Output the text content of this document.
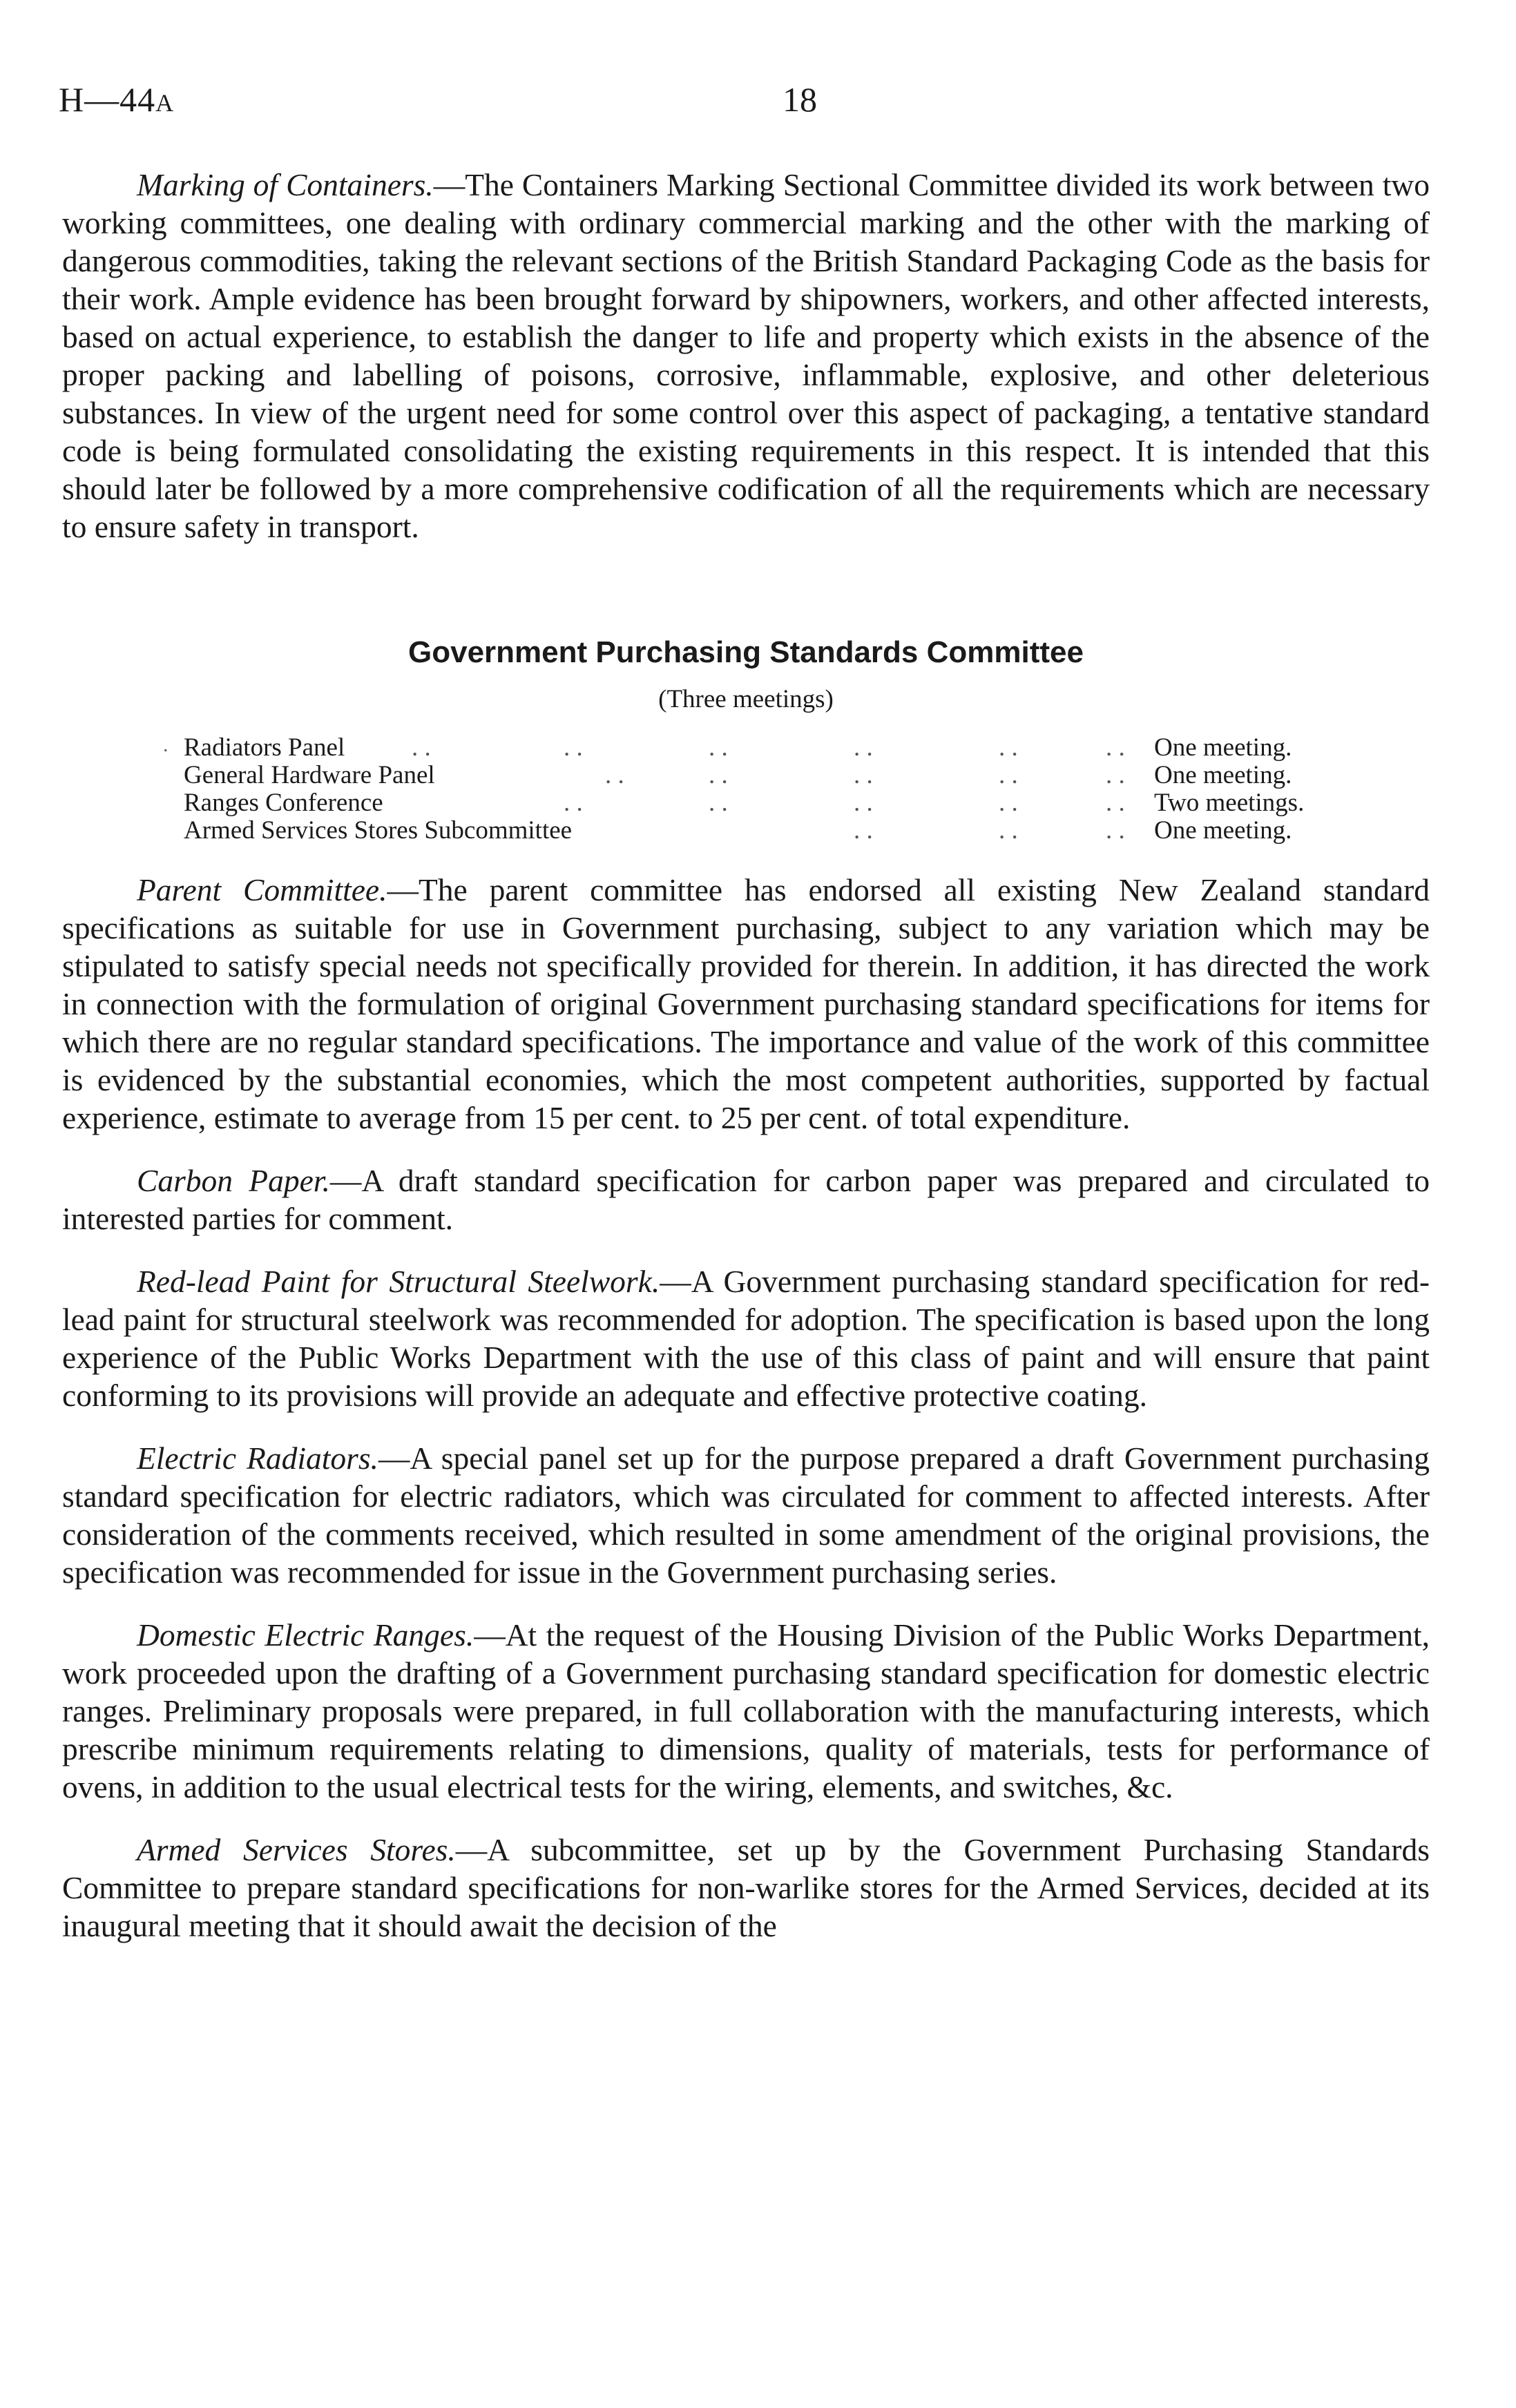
H—44A	18

Marking of Containers.—The Containers Marking Sectional Committee divided its work between two working committees, one dealing with ordinary commercial marking and the other with the marking of dangerous commodities, taking the relevant sections of the British Standard Packaging Code as the basis for their work. Ample evidence has been brought forward by shipowners, workers, and other affected interests, based on actual experience, to establish the danger to life and property which exists in the absence of the proper packing and labelling of poisons, corrosive, inflammable, explosive, and other deleterious substances. In view of the urgent need for some control over this aspect of packaging, a tentative standard code is being formulated consolidating the existing requirements in this respect. It is intended that this should later be followed by a more comprehensive codification of all the requirements which are necessary to ensure safety in transport.

Government Purchasing Standards Committee
(Three meetings)
. Radiators Panel	. .	. .	. .	. .	. .	. . One meeting.
General Hardware Panel	. .	. .	. .	. .	. . One meeting.
Ranges Conference	. .	. .	. .	. .	. . Two meetings.
Armed Services Stores Subcommittee	. .	. .	. . One meeting.

Parent Committee.—The parent committee has endorsed all existing New Zealand standard specifications as suitable for use in Government purchasing, subject to any variation which may be stipulated to satisfy special needs not specifically provided for therein. In addition, it has directed the work in connection with the formulation of original Government purchasing standard specifications for items for which there are no regular standard specifications. The importance and value of the work of this committee is evidenced by the substantial economies, which the most competent authorities, supported by factual experience, estimate to average from 15 per cent. to 25 per cent. of total expenditure.

Carbon Paper.—A draft standard specification for carbon paper was prepared and circulated to interested parties for comment.

Red-lead Paint for Structural Steelwork.—A Government purchasing standard specification for red-lead paint for structural steelwork was recommended for adoption. The specification is based upon the long experience of the Public Works Department with the use of this class of paint and will ensure that paint conforming to its provisions will provide an adequate and effective protective coating.

Electric Radiators.—A special panel set up for the purpose prepared a draft Government purchasing standard specification for electric radiators, which was circulated for comment to affected interests. After consideration of the comments received, which resulted in some amendment of the original provisions, the specification was recommended for issue in the Government purchasing series.

Domestic Electric Ranges.—At the request of the Housing Division of the Public Works Department, work proceeded upon the drafting of a Government purchasing standard specification for domestic electric ranges. Preliminary proposals were prepared, in full collaboration with the manufacturing interests, which prescribe minimum requirements relating to dimensions, quality of materials, tests for performance of ovens, in addition to the usual electrical tests for the wiring, elements, and switches, &c.

Armed Services Stores.—A subcommittee, set up by the Government Purchasing Standards Committee to prepare standard specifications for non-warlike stores for the Armed Services, decided at its inaugural meeting that it should await the decision of the
